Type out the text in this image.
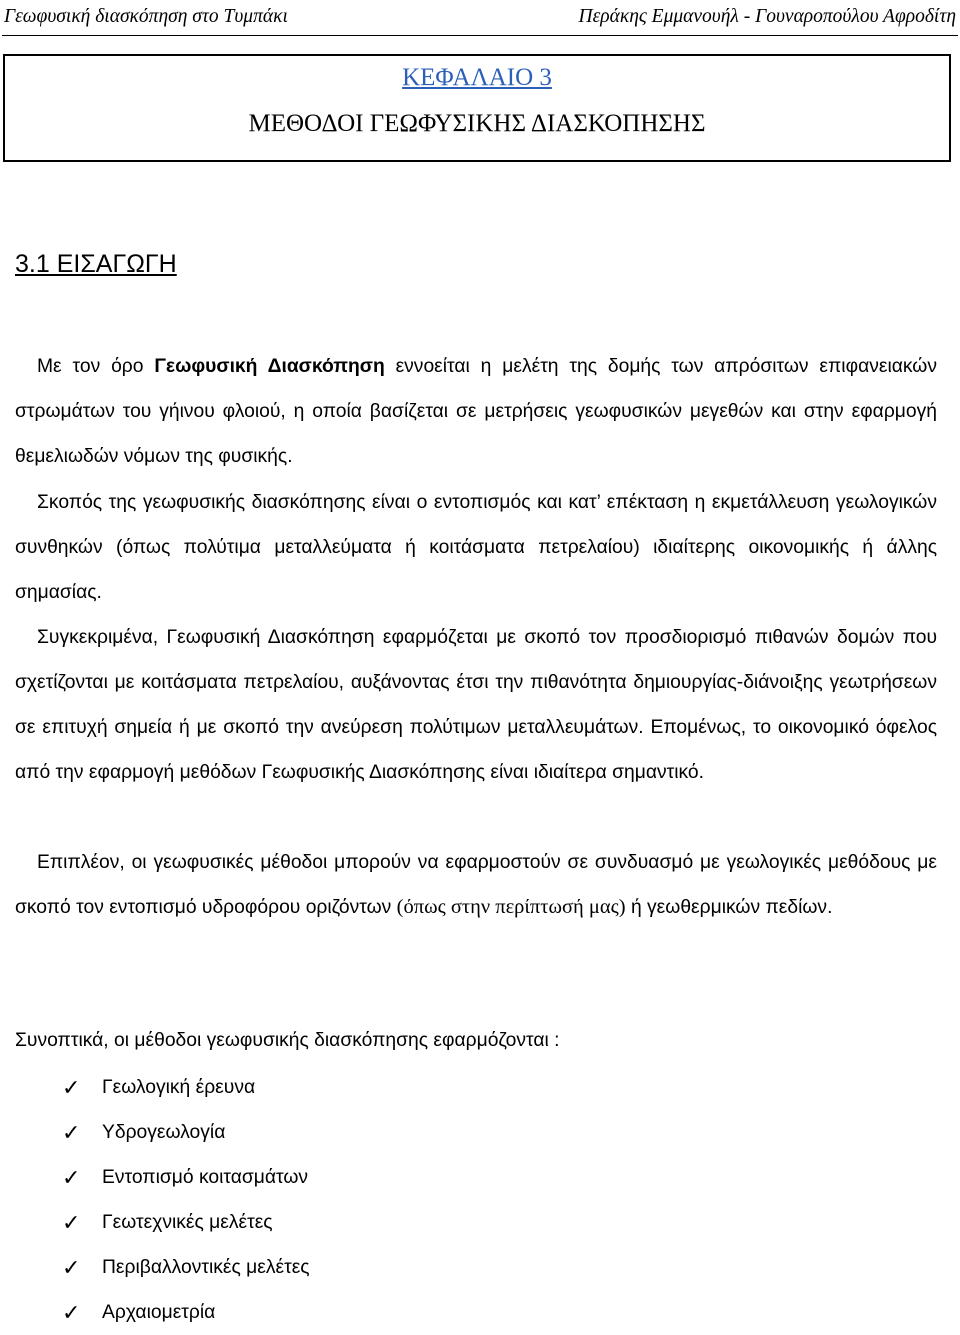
Γεωφυσική διασκόπηση στο Τυμπάκι	Περάκης Εμμανουήλ - Γουναροπούλου Αφροδίτη
ΚΕΦΑΛΑΙΟ 3
ΜΕΘΟΔΟΙ ΓΕΩΦΥΣΙΚΗΣ ΔΙΑΣΚΟΠΗΣΗΣ
3.1 ΕΙΣΑΓΩΓΗ
Με τον όρο Γεωφυσική Διασκόπηση εννοείται η μελέτη της δομής των απρόσιτων επιφανειακών στρωμάτων του γήινου φλοιού, η οποία βασίζεται σε μετρήσεις γεωφυσικών μεγεθών και στην εφαρμογή θεμελιωδών νόμων της φυσικής.
Σκοπός της γεωφυσικής διασκόπησης είναι ο εντοπισμός και κατ’ επέκταση η εκμετάλλευση γεωλογικών συνθηκών (όπως πολύτιμα μεταλλεύματα ή κοιτάσματα πετρελαίου) ιδιαίτερης οικονομικής ή άλλης σημασίας.
Συγκεκριμένα, Γεωφυσική Διασκόπηση εφαρμόζεται με σκοπό τον προσδιορισμό πιθανών δομών που σχετίζονται με κοιτάσματα πετρελαίου, αυξάνοντας έτσι την πιθανότητα δημιουργίας-διάνοιξης γεωτρήσεων σε επιτυχή σημεία ή με σκοπό την ανεύρεση πολύτιμων μεταλλευμάτων. Επομένως, το οικονομικό όφελος από την εφαρμογή μεθόδων Γεωφυσικής Διασκόπησης είναι ιδιαίτερα σημαντικό.
Επιπλέον, οι γεωφυσικές μέθοδοι μπορούν να εφαρμοστούν σε συνδυασμό με γεωλογικές μεθόδους με σκοπό τον εντοπισμό υδροφόρου οριζόντων (όπως στην περίπτωσή μας) ή γεωθερμικών πεδίων.
Συνοπτικά, οι μέθοδοι γεωφυσικής διασκόπησης εφαρμόζονται :
✓	Γεωλογική έρευνα
✓	Υδρογεωλογία
✓	Εντοπισμό κοιτασμάτων
✓	Γεωτεχνικές μελέτες
✓	Περιβαλλοντικές μελέτες
✓	Αρχαιομετρία
